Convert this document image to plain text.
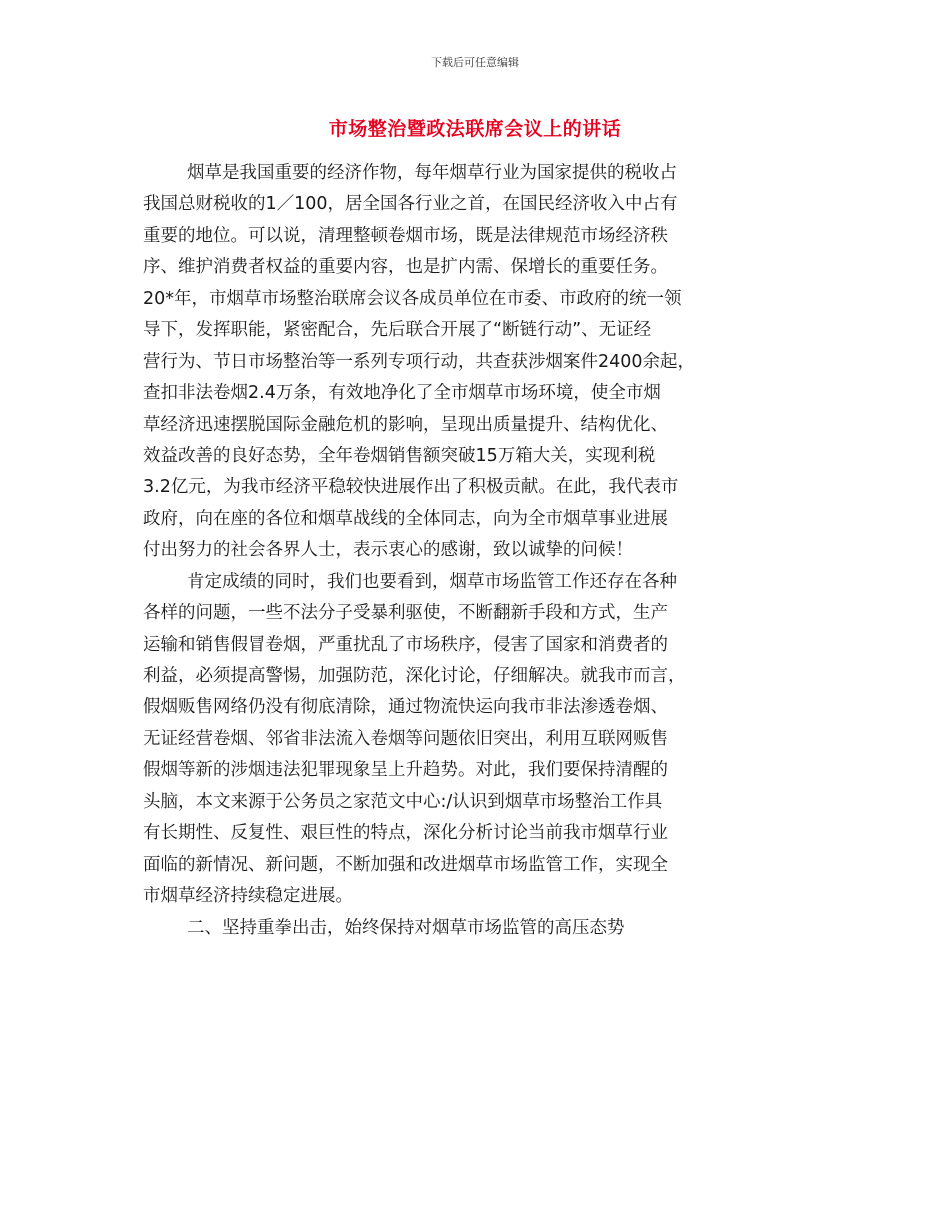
下载后可任意编辑
市场整治暨政法联席会议上的讲话
烟草是我国重要的经济作物，每年烟草行业为国家提供的税收占
我国总财税收的1／100，居全国各行业之首，在国民经济收入中占有
重要的地位。可以说，清理整顿卷烟市场，既是法律规范市场经济秩
序、维护消费者权益的重要内容，也是扩内需、保增长的重要任务。
20*年，市烟草市场整治联席会议各成员单位在市委、市政府的统一领
导下，发挥职能，紧密配合，先后联合开展了“断链行动”、无证经
营行为、节日市场整治等一系列专项行动，共查获涉烟案件2400余起，
查扣非法卷烟2.4万条，有效地净化了全市烟草市场环境，使全市烟
草经济迅速摆脱国际金融危机的影响，呈现出质量提升、结构优化、
效益改善的良好态势，全年卷烟销售额突破15万箱大关，实现利税
3.2亿元，为我市经济平稳较快进展作出了积极贡献。在此，我代表市
政府，向在座的各位和烟草战线的全体同志，向为全市烟草事业进展
付出努力的社会各界人士，表示衷心的感谢，致以诚挚的问候！
肯定成绩的同时，我们也要看到，烟草市场监管工作还存在各种
各样的问题，一些不法分子受暴利驱使，不断翻新手段和方式，生产
运输和销售假冒卷烟，严重扰乱了市场秩序，侵害了国家和消费者的
利益，必须提高警惕，加强防范，深化讨论，仔细解决。就我市而言，
假烟贩售网络仍没有彻底清除，通过物流快运向我市非法渗透卷烟、
无证经营卷烟、邻省非法流入卷烟等问题依旧突出，利用互联网贩售
假烟等新的涉烟违法犯罪现象呈上升趋势。对此，我们要保持清醒的
头脑，本文来源于公务员之家范文中心:/认识到烟草市场整治工作具
有长期性、反复性、艰巨性的特点，深化分析讨论当前我市烟草行业
面临的新情况、新问题，不断加强和改进烟草市场监管工作，实现全
市烟草经济持续稳定进展。
二、坚持重拳出击，始终保持对烟草市场监管的高压态势
